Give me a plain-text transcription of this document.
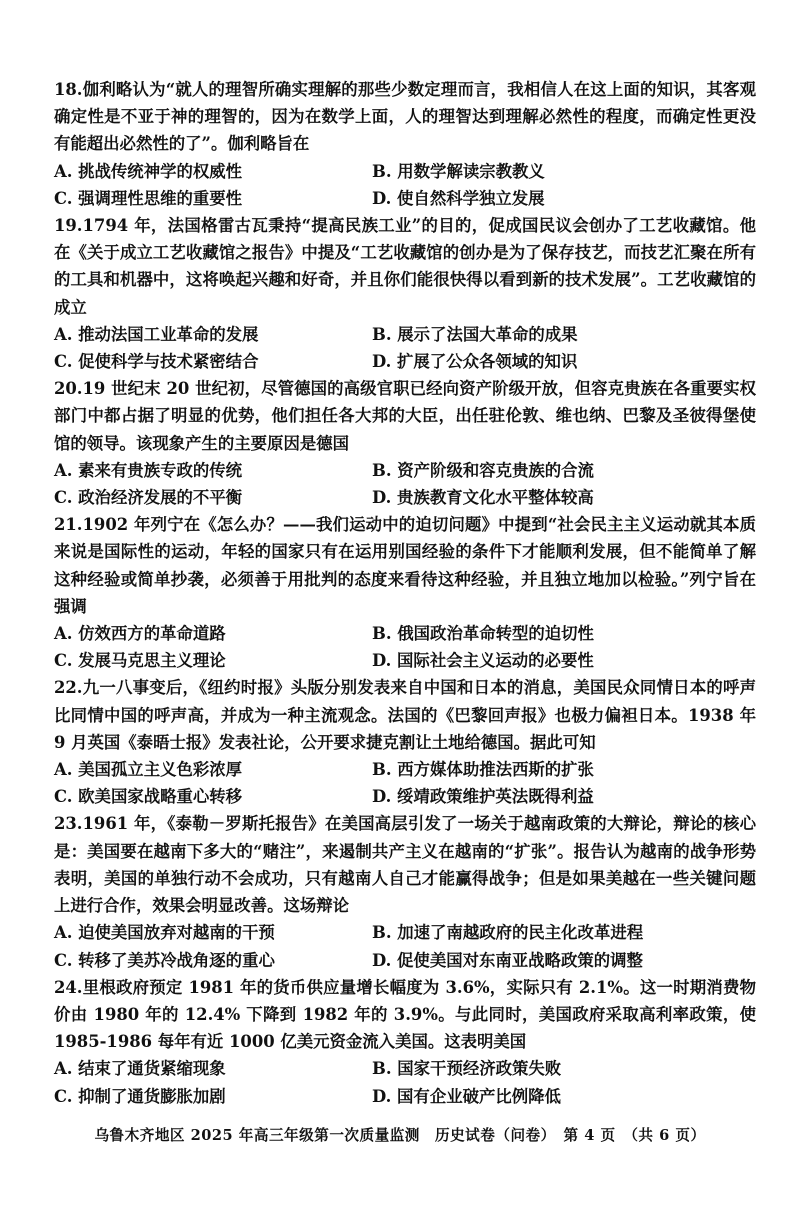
18.伽利略认为“就人的理智所确实理解的那些少数定理而言，我相信人在这上面的知识，其客观确定性是不亚于神的理智的，因为在数学上面，人的理智达到理解必然性的程度，而确定性更没有能超出必然性的了”。伽利略旨在
A. 挑战传统神学的权威性	B. 用数学解读宗教教义
C. 强调理性思维的重要性	D. 使自然科学独立发展
19.1794 年，法国格雷古瓦秉持“提高民族工业”的目的，促成国民议会创办了工艺收藏馆。他在《关于成立工艺收藏馆之报告》中提及“工艺收藏馆的创办是为了保存技艺，而技艺汇聚在所有的工具和机器中，这将唤起兴趣和好奇，并且你们能很快得以看到新的技术发展”。工艺收藏馆的成立
A. 推动法国工业革命的发展	B. 展示了法国大革命的成果
C. 促使科学与技术紧密结合	D. 扩展了公众各领域的知识
20.19 世纪末 20 世纪初，尽管德国的高级官职已经向资产阶级开放，但容克贵族在各重要实权部门中都占据了明显的优势，他们担任各大邦的大臣，出任驻伦敦、维也纳、巴黎及圣彼得堡使馆的领导。该现象产生的主要原因是德国
A. 素来有贵族专政的传统	B. 资产阶级和容克贵族的合流
C. 政治经济发展的不平衡	D. 贵族教育文化水平整体较高
21.1902 年列宁在《怎么办？——我们运动中的迫切问题》中提到“社会民主主义运动就其本质来说是国际性的运动，年轻的国家只有在运用别国经验的条件下才能顺利发展，但不能简单了解这种经验或简单抄袭，必须善于用批判的态度来看待这种经验，并且独立地加以检验。”列宁旨在强调
A. 仿效西方的革命道路	B. 俄国政治革命转型的迫切性
C. 发展马克思主义理论	D. 国际社会主义运动的必要性
22.九一八事变后，《纽约时报》头版分别发表来自中国和日本的消息，美国民众同情日本的呼声比同情中国的呼声高，并成为一种主流观念。法国的《巴黎回声报》也极力偏袒日本。1938 年 9 月英国《泰晤士报》发表社论，公开要求捷克割让土地给德国。据此可知
A. 美国孤立主义色彩浓厚	B. 西方媒体助推法西斯的扩张
C. 欧美国家战略重心转移	D. 绥靖政策维护英法既得利益
23.1961 年，《泰勒－罗斯托报告》在美国高层引发了一场关于越南政策的大辩论，辩论的核心是：美国要在越南下多大的“赌注”，来遏制共产主义在越南的“扩张”。报告认为越南的战争形势表明，美国的单独行动不会成功，只有越南人自己才能赢得战争；但是如果美越在一些关键问题上进行合作，效果会明显改善。这场辩论
A. 迫使美国放弃对越南的干预	B. 加速了南越政府的民主化改革进程
C. 转移了美苏冷战角逐的重心	D. 促使美国对东南亚战略政策的调整
24.里根政府预定 1981 年的货币供应量增长幅度为 3.6%，实际只有 2.1%。这一时期消费物价由 1980 年的 12.4% 下降到 1982 年的 3.9%。与此同时，美国政府采取高利率政策，使 1985-1986 每年有近 1000 亿美元资金流入美国。这表明美国
A. 结束了通货紧缩现象	B. 国家干预经济政策失败
C. 抑制了通货膨胀加剧	D. 国有企业破产比例降低
乌鲁木齐地区 2025 年高三年级第一次质量监测　历史试卷（问卷）　第 4 页　（共 6 页）
